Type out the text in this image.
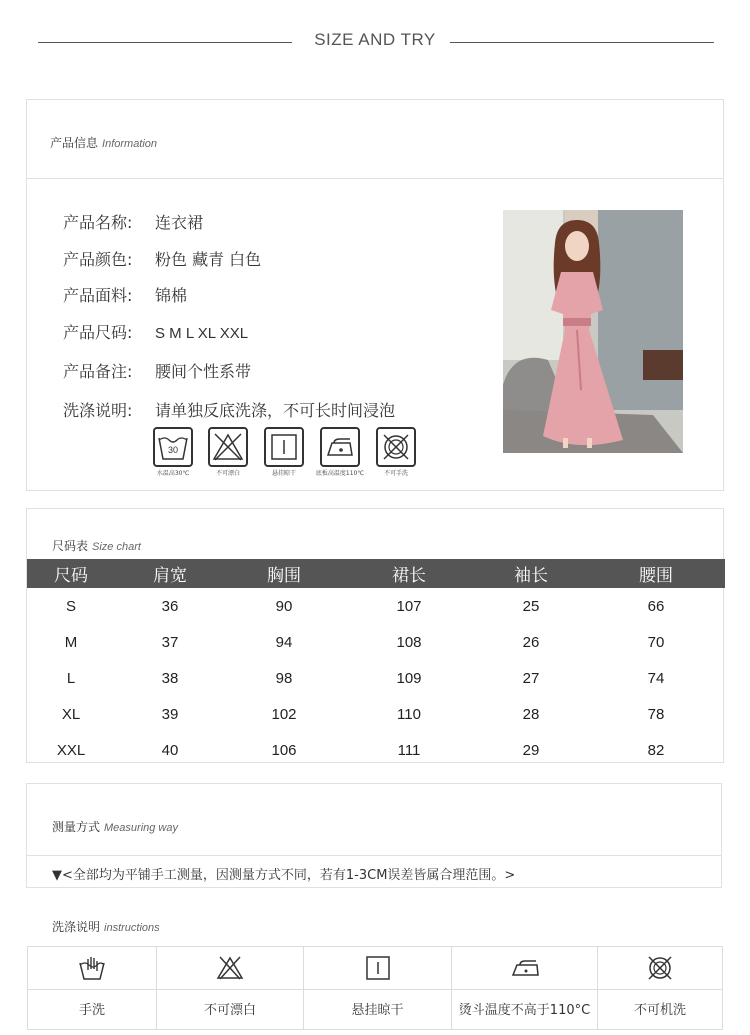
SIZE AND TRY
产品信息 Information
产品名称: 连衣裙
产品颜色: 粉色 藏青 白色
产品面料: 锦棉
产品尺码: S M L XL XXL
产品备注: 腰间个性系带
洗涤说明: 请单独反底洗涤，不可长时间浸泡
30
水温高30℃	不可漂白	悬挂晾干	底板高温度110℃	不可手洗
尺码表 Size chart
尺码	肩宽	胸围	裙长	袖长	腰围
S	36	90	107	25	66
M	37	94	108	26	70
L	38	98	109	27	74
XL	39	102	110	28	78
XXL	40	106	111	29	82
测量方式 Measuring way
▼<全部均为平铺手工测量，因测量方式不同，若有1-3CM误差皆属合理范围。>
洗涤说明 instructions
手洗	不可漂白	悬挂晾干	烫斗温度不高于110°C	不可机洗
